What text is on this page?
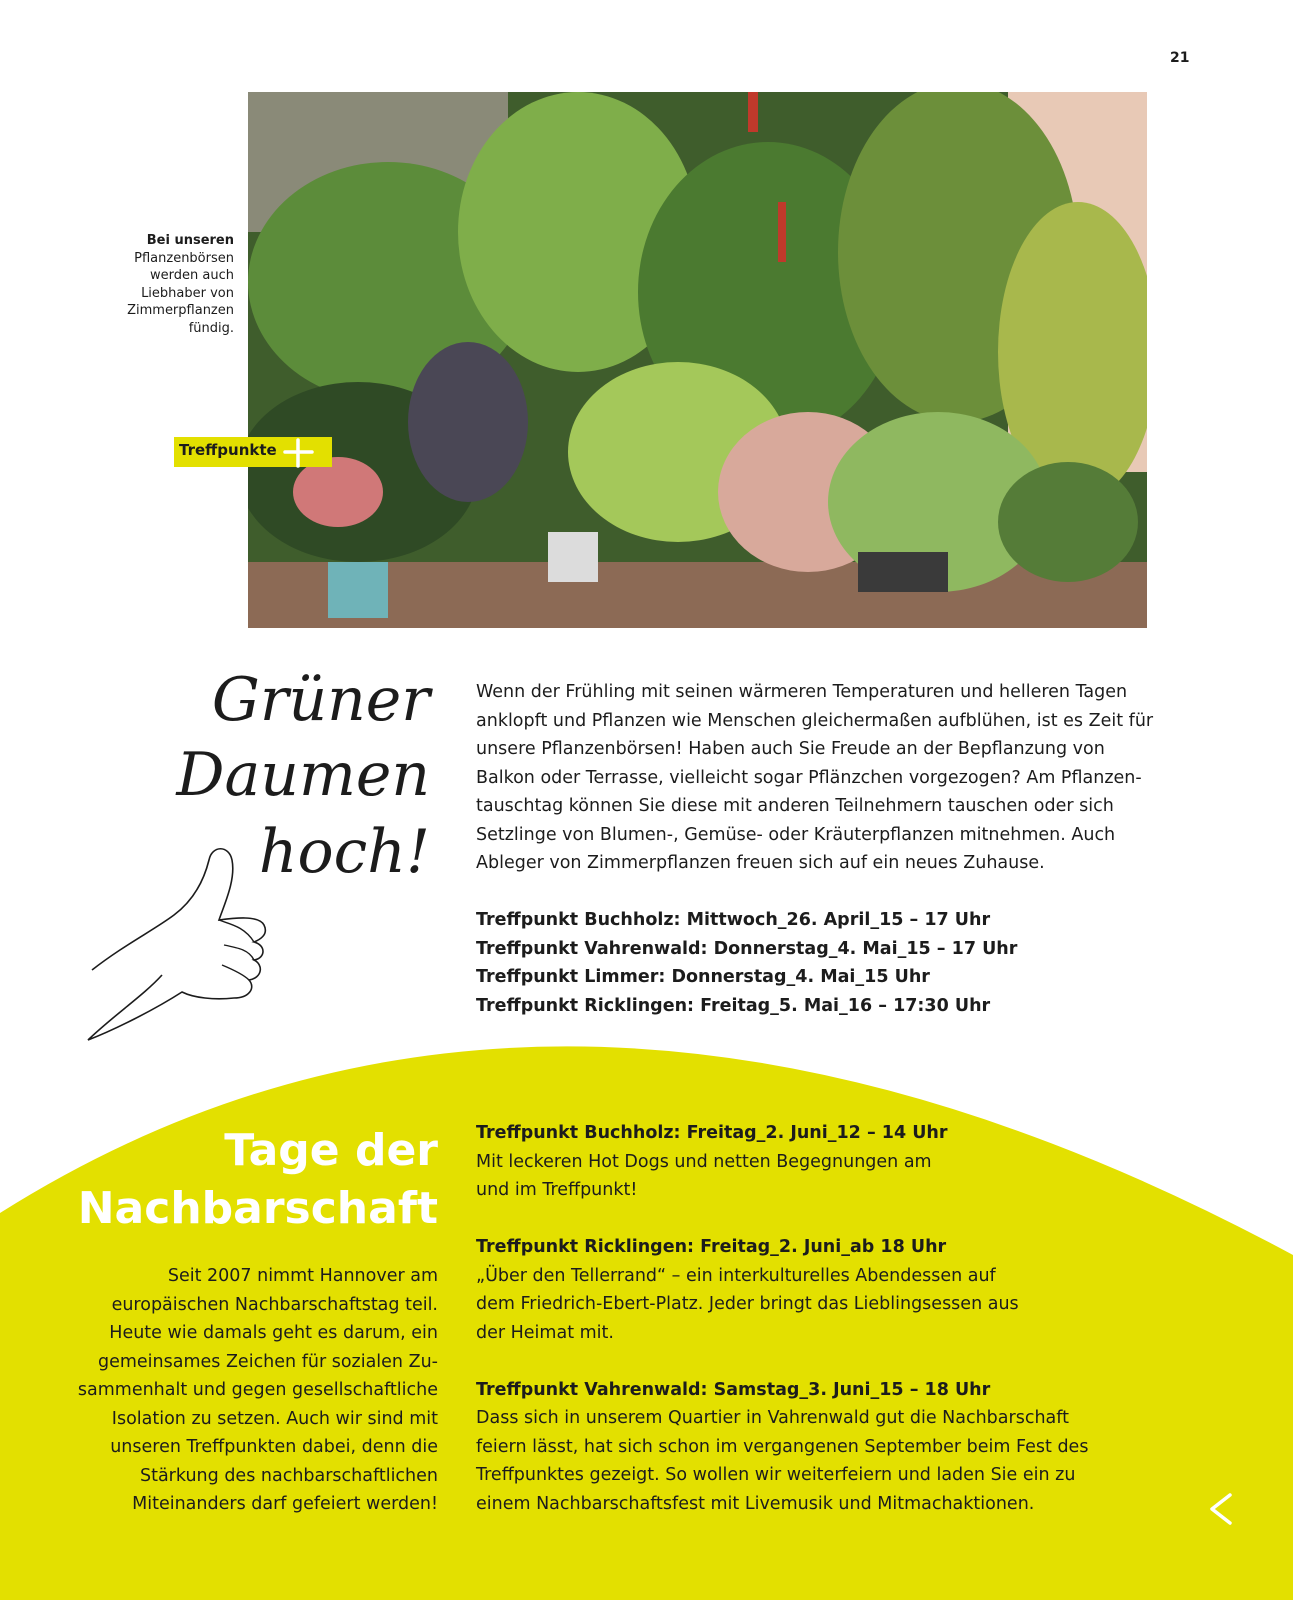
21
Bei unseren
Pflanzenbörsen werden auch Liebhaber von Zimmerpflanzen fündig.
Treffpunkte
Grüner
Daumen
hoch!

Wenn der Frühling mit seinen wärmeren Temperaturen und helleren Tagen anklopft und Pflanzen wie Menschen gleichermaßen aufblühen, ist es Zeit für unsere Pflanzenbörsen! Haben auch Sie Freude an der Bepflanzung von Balkon oder Terrasse, vielleicht sogar Pflänzchen vorgezogen? Am Pflanzentauschtag können Sie diese mit anderen Teilnehmern tauschen oder sich Setzlinge von Blumen-, Gemüse- oder Kräuterpflanzen mitnehmen. Auch Ableger von Zimmerpflanzen freuen sich auf ein neues Zuhause.

Treffpunkt Buchholz: Mittwoch_26. April_15 – 17 Uhr
Treffpunkt Vahrenwald: Donnerstag_4. Mai_15 – 17 Uhr
Treffpunkt Limmer: Donnerstag_4. Mai_15 Uhr
Treffpunkt Ricklingen: Freitag_5. Mai_16 – 17:30 Uhr
Tage der
Nachbarschaft
Seit 2007 nimmt Hannover am europäischen Nachbarschaftstag teil. Heute wie damals geht es darum, ein gemeinsames Zeichen für sozialen Zusammenhalt und gegen gesellschaftliche Isolation zu setzen. Auch wir sind mit unseren Treffpunkten dabei, denn die Stärkung des nachbarschaftlichen Miteinanders darf gefeiert werden!
Treffpunkt Buchholz: Freitag_2. Juni_12 – 14 Uhr
Mit leckeren Hot Dogs und netten Begegnungen am
und im Treffpunkt!
Treffpunkt Ricklingen: Freitag_2. Juni_ab 18 Uhr
„Über den Tellerrand“ – ein interkulturelles Abendessen auf
dem Friedrich-Ebert-Platz. Jeder bringt das Lieblingsessen aus
der Heimat mit.
Treffpunkt Vahrenwald: Samstag_3. Juni_15 – 18 Uhr
Dass sich in unserem Quartier in Vahrenwald gut die Nachbarschaft
feiern lässt, hat sich schon im vergangenen September beim Fest des
Treffpunktes gezeigt. So wollen wir weiterfeiern und laden Sie ein zu
einem Nachbarschaftsfest mit Livemusik und Mitmachaktionen.
